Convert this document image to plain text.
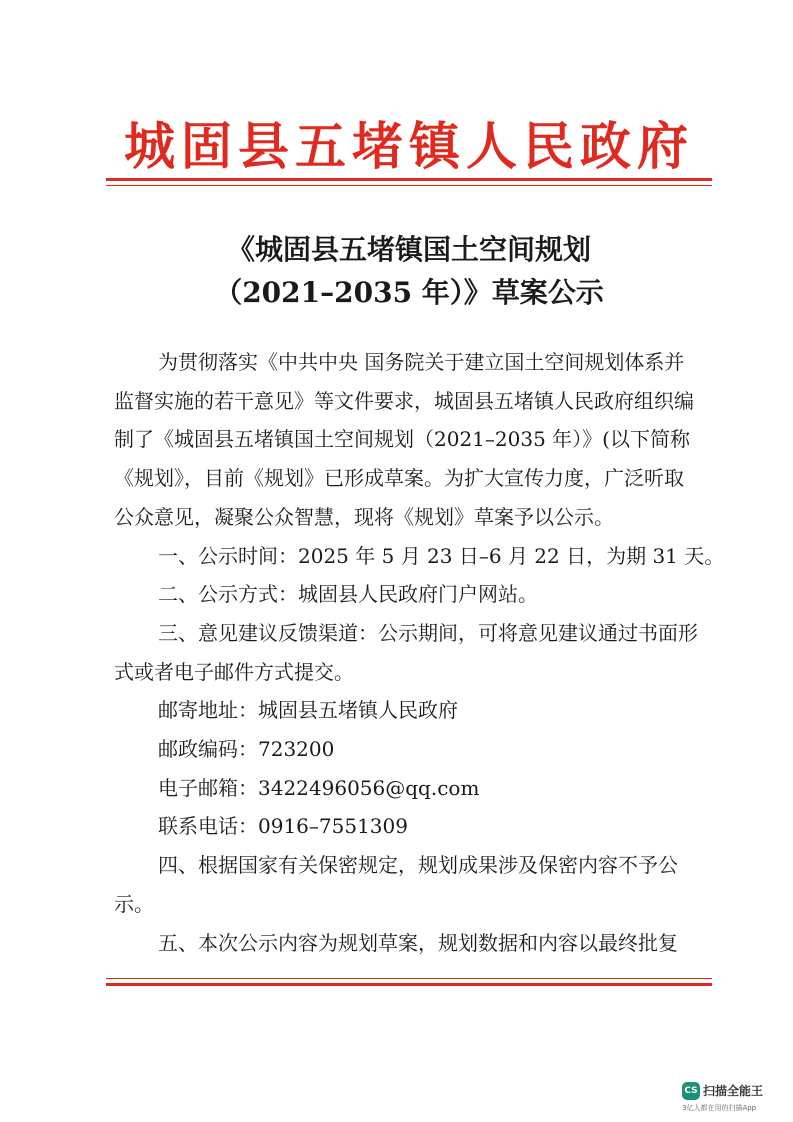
城固县五堵镇人民政府
《城固县五堵镇国土空间规划
（2021–2035 年）》草案公示

为贯彻落实《中共中央 国务院关于建立国土空间规划体系并监督实施的若干意见》等文件要求，城固县五堵镇人民政府组织编制了《城固县五堵镇国土空间规划（2021–2035 年）》(以下简称《规划》，目前《规划》已形成草案。为扩大宣传力度，广泛听取公众意见，凝聚公众智慧，现将《规划》草案予以公示。

一、公示时间：2025 年 5 月 23 日–6 月 22 日，为期 31 天。

二、公示方式：城固县人民政府门户网站。

三、意见建议反馈渠道：公示期间，可将意见建议通过书面形式或者电子邮件方式提交。

邮寄地址：城固县五堵镇人民政府

邮政编码：723200

电子邮箱：3422496056@qq.com

联系电话：0916–7551309

四、根据国家有关保密规定，规划成果涉及保密内容不予公示。

五、本次公示内容为规划草案，规划数据和内容以最终批复

CS 扫描全能王
3亿人都在用的扫描App
